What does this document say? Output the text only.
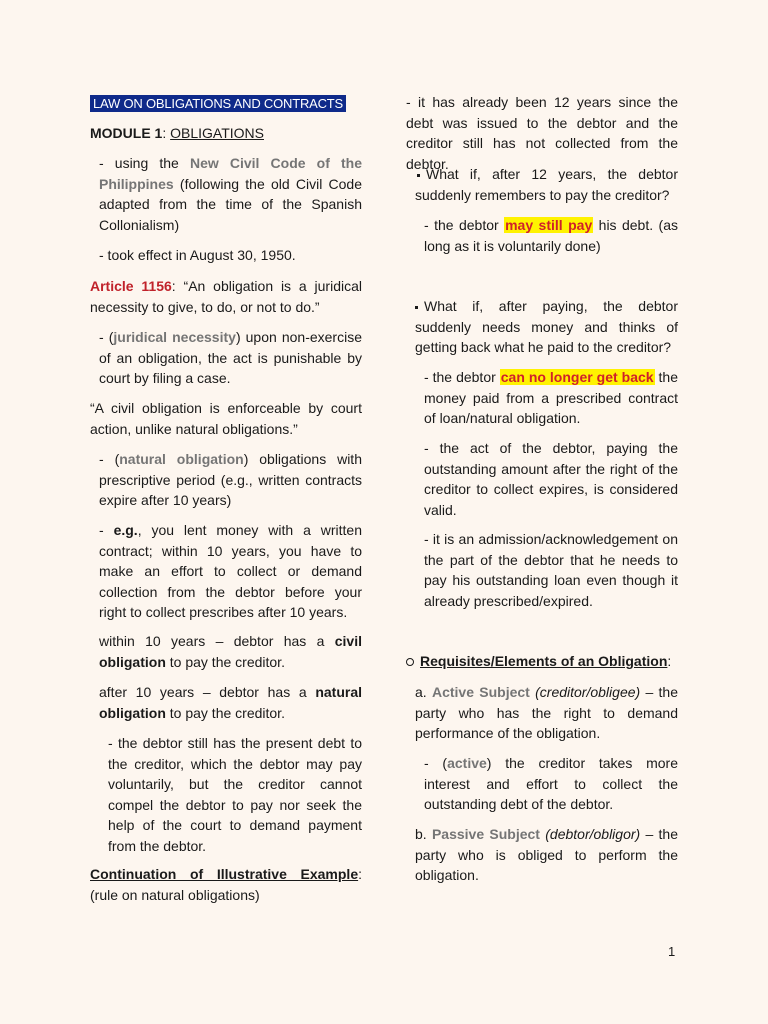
LAW ON OBLIGATIONS AND CONTRACTS
MODULE 1: OBLIGATIONS
- using the New Civil Code of the Philippines (following the old Civil Code adapted from the time of the Spanish Collonialism)
- took effect in August 30, 1950.
Article 1156: “An obligation is a juridical necessity to give, to do, or not to do.”
- (juridical necessity) upon non-exercise of an obligation, the act is punishable by court by filing a case.
“A civil obligation is enforceable by court action, unlike natural obligations.”
- (natural obligation) obligations with prescriptive period (e.g., written contracts expire after 10 years)
- e.g., you lent money with a written contract; within 10 years, you have to make an effort to collect or demand collection from the debtor before your right to collect prescribes after 10 years.
within 10 years – debtor has a civil obligation to pay the creditor.
after 10 years – debtor has a natural obligation to pay the creditor.
- the debtor still has the present debt to the creditor, which the debtor may pay voluntarily, but the creditor cannot compel the debtor to pay nor seek the help of the court to demand payment from the debtor.
Continuation of Illustrative Example: (rule on natural obligations)
- it has already been 12 years since the debt was issued to the debtor and the creditor still has not collected from the debtor.
What if, after 12 years, the debtor suddenly remembers to pay the creditor?
- the debtor may still pay his debt. (as long as it is voluntarily done)
What if, after paying, the debtor suddenly needs money and thinks of getting back what he paid to the creditor?
- the debtor can no longer get back the money paid from a prescribed contract of loan/natural obligation.
- the act of the debtor, paying the outstanding amount after the right of the creditor to collect expires, is considered valid.
- it is an admission/acknowledgement on the part of the debtor that he needs to pay his outstanding loan even though it already prescribed/expired.
Requisites/Elements of an Obligation:
a. Active Subject (creditor/obligee) – the party who has the right to demand performance of the obligation.
- (active) the creditor takes more interest and effort to collect the outstanding debt of the debtor.
b. Passive Subject (debtor/obligor) – the party who is obliged to perform the obligation.
1
